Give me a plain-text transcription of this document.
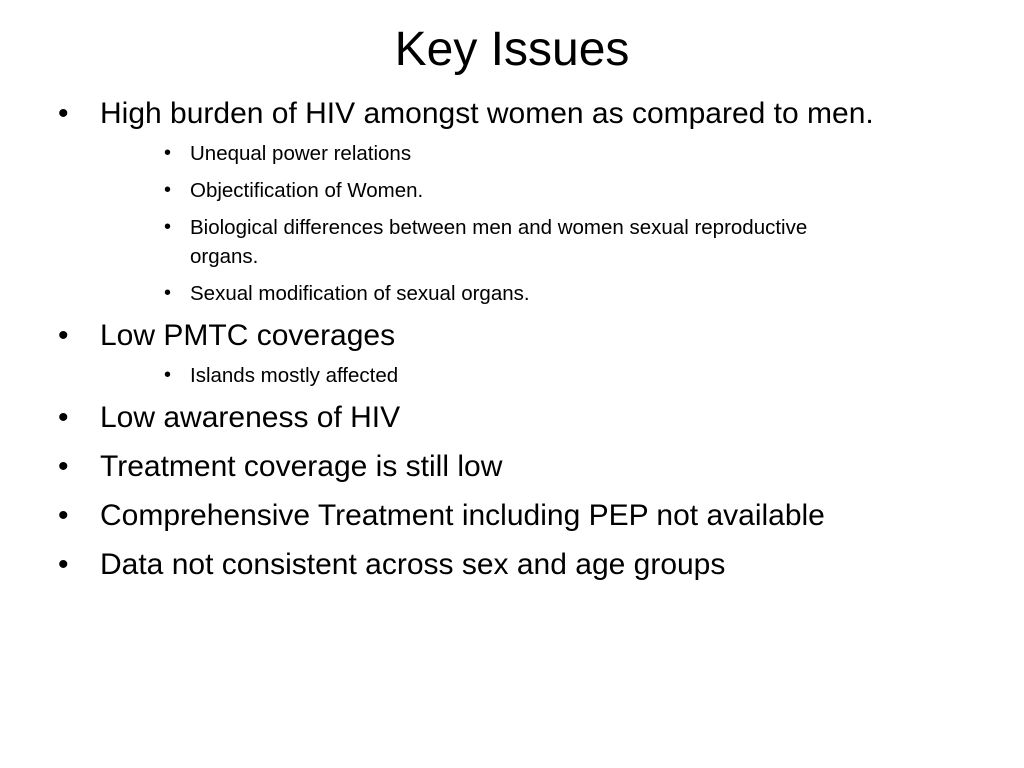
Key Issues
• High burden of HIV amongst women as compared to men.
• Unequal power relations
• Objectification of Women.
• Biological differences between men and women sexual reproductive organs.
• Sexual modification of sexual organs.
• Low PMTC coverages
• Islands mostly affected
• Low awareness of HIV
• Treatment coverage is still low
• Comprehensive Treatment including PEP not available
• Data not consistent across sex and age groups
